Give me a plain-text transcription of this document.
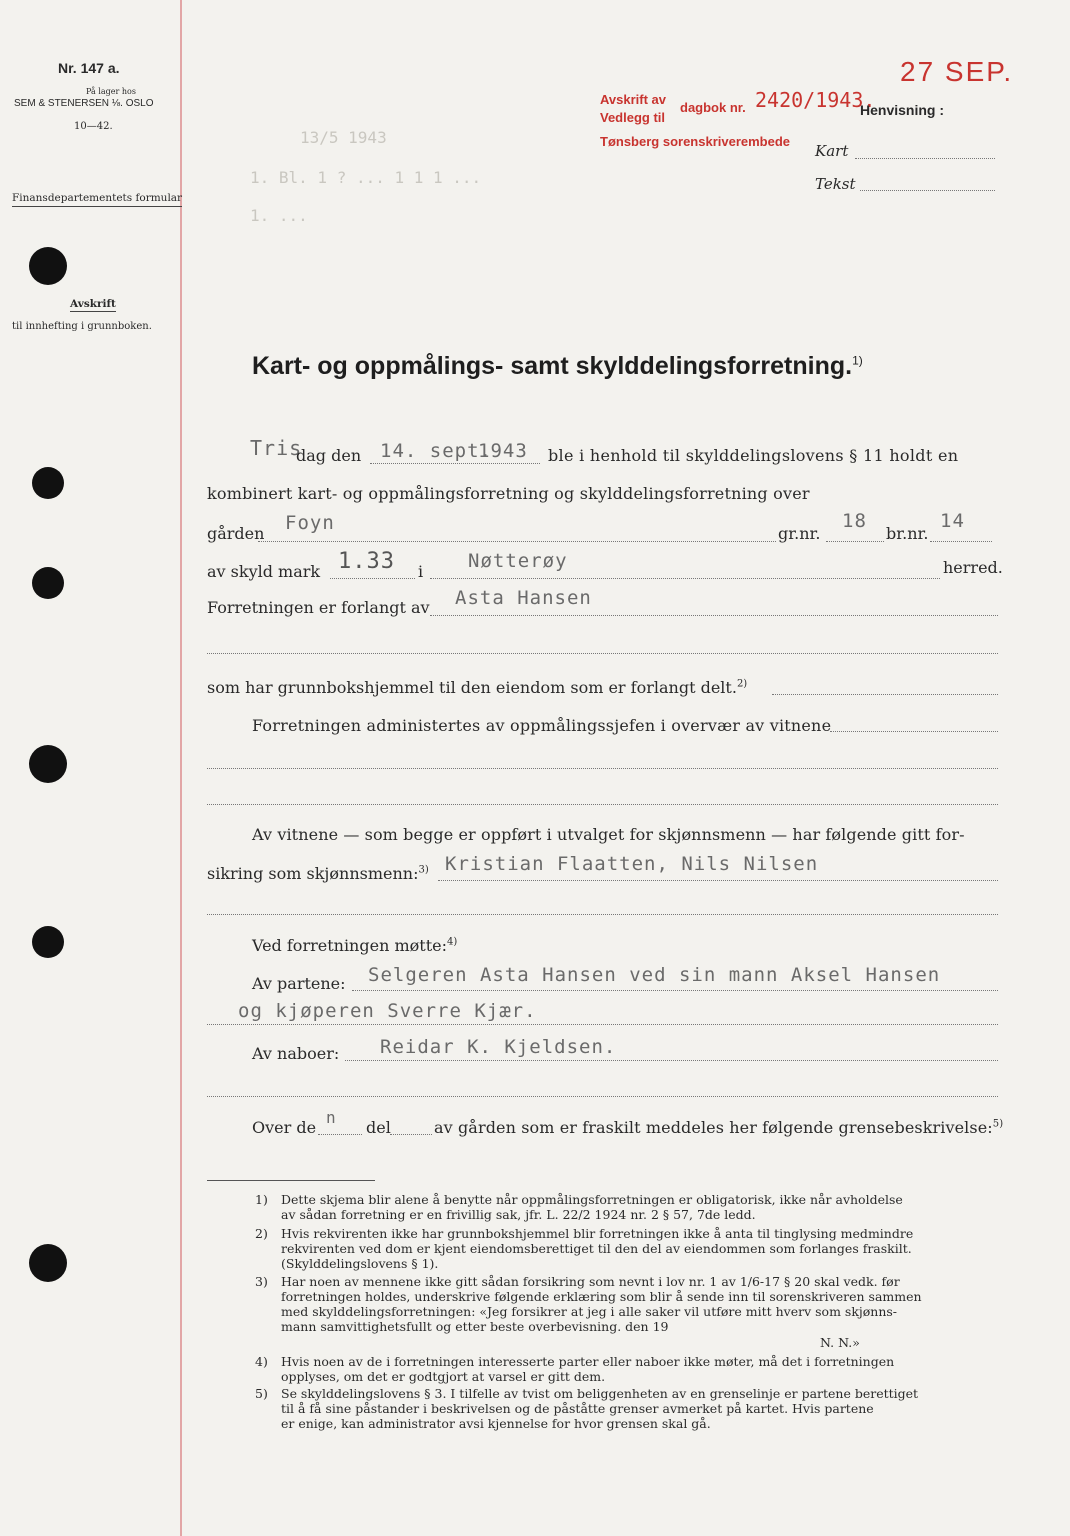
Nr. 147 a.
På lager hos
SEM & STENERSEN ⅛. OSLO
10—42.
Finansdepartementets formular
Avskrift
til innhefting i grunnboken.
13/5 1943
1. Bl. 1 ? ... 1 1 1 ...
1. ...
Avskrift av
Vedlegg til
dagbok nr. 2420/1943.
Tønsberg sorenskriverembede
27 SEP.
Henvisning :
Kart
Tekst
Kart- og oppmålings- samt skylddelingsforretning.$^{1)}$
Tris
dag den 14. sept.
1943 ble i henhold til skylddelingslovens § 11 holdt en
kombinert kart- og oppmålingsforretning og skylddelingsforretning over
gården Foyn	gr.nr.
18
br.nr.
14
av skyld mark 1.33 i Nøtterøy	herred.
Forretningen er forlangt av Asta Hansen
som har grunnbokshjemmel til den eiendom som er forlangt delt.$^{2)}$
Forretningen administertes av oppmålingssjefen i overvær av vitnene
Av vitnene — som begge er oppført i utvalget for skjønnsmenn — har følgende gitt for-
sikring som skjønnsmenn:$^{3)}$ Kristian Flaatten, Nils Nilsen
Ved forretningen møtte:$^{4)}$
Av partene: Selgeren Asta Hansen ved sin mann Aksel Hansen
og kjøperen Sverre Kjær.
Av naboer: Reidar K. Kjeldsen.
Over de
n
del	av gården som er fraskilt meddeles her følgende grensebeskrivelse:$^{5)}$
1) Dette skjema blir alene å benytte når oppmålingsforretningen er obligatorisk, ikke når avholdelse
av sådan forretning er en frivillig sak, jfr. L. 22/2 1924 nr. 2 § 57, 7de ledd.
2) Hvis rekvirenten ikke har grunnbokshjemmel blir forretningen ikke å anta til tinglysing medmindre
rekvirenten ved dom er kjent eiendomsberettiget til den del av eiendommen som forlanges fraskilt.
(Skylddelingslovens § 1).
3) Har noen av mennene ikke gitt sådan forsikring som nevnt i lov nr. 1 av 1/6-17 § 20 skal vedk. før
forretningen holdes, underskrive følgende erklæring som blir å sende inn til sorenskriveren sammen
med skylddelingsforretningen: «Jeg forsikrer at jeg i alle saker vil utføre mitt hverv som skjønns-
mann samvittighetsfullt og etter beste overbevisning. den 19
N. N.»
4) Hvis noen av de i forretningen interesserte parter eller naboer ikke møter, må det i forretningen
opplyses, om det er godtgjort at varsel er gitt dem.
5) Se skylddelingslovens § 3. I tilfelle av tvist om beliggenheten av en grenselinje er partene berettiget
til å få sine påstander i beskrivelsen og de påståtte grenser avmerket på kartet. Hvis partene
er enige, kan administrator avsi kjennelse for hvor grensen skal gå.
